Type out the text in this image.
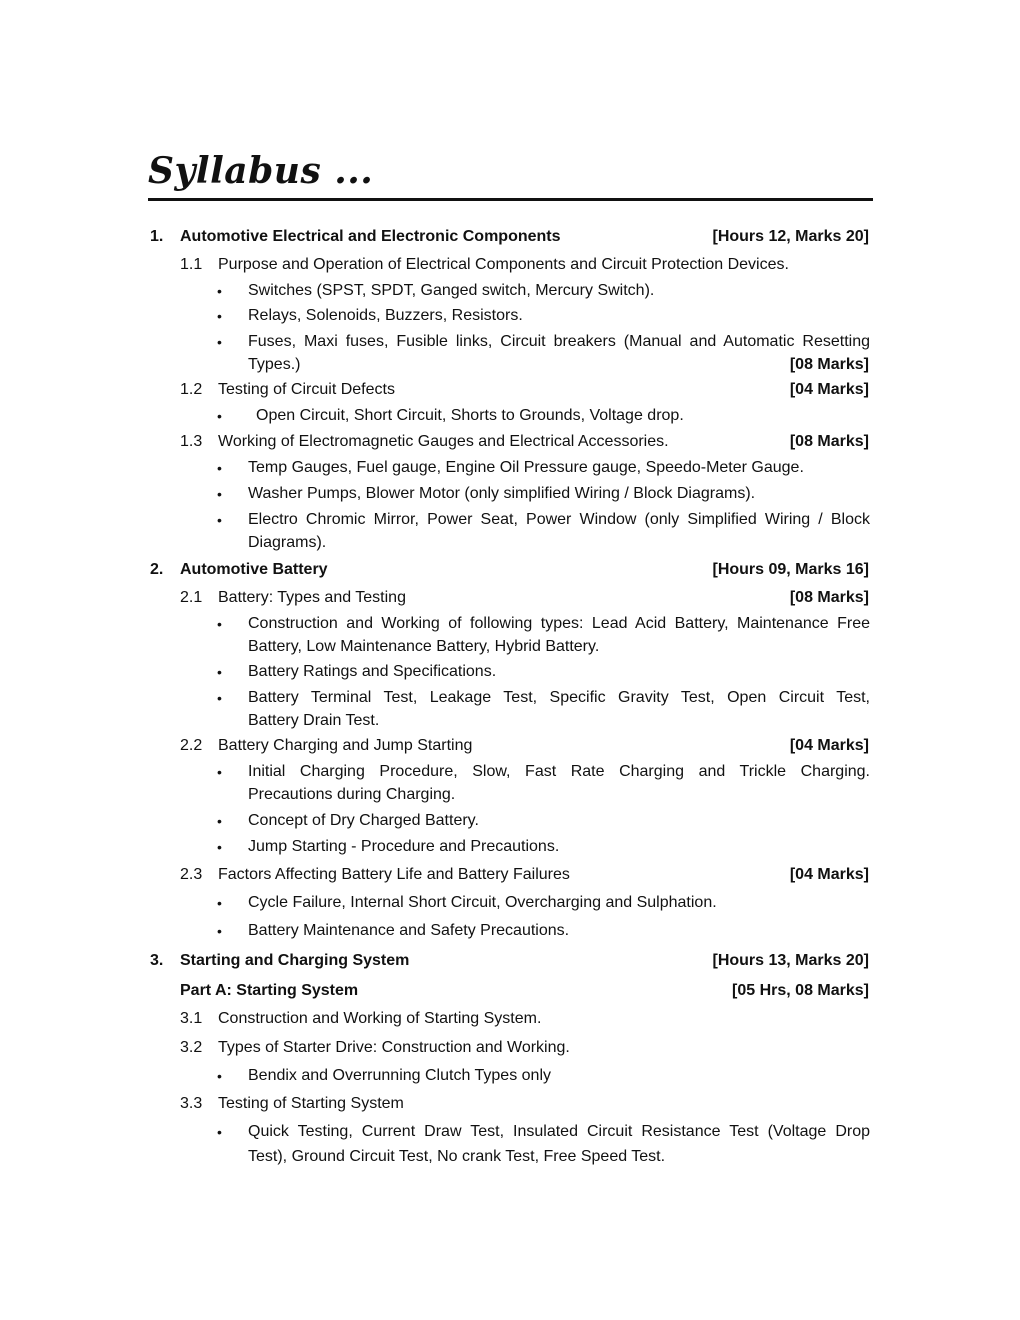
Syllabus ...
1. Automotive Electrical and Electronic Components	[Hours 12, Marks 20]
1.1 Purpose and Operation of Electrical Components and Circuit Protection Devices.
• Switches (SPST, SPDT, Ganged switch, Mercury Switch).
• Relays, Solenoids, Buzzers, Resistors.
• Fuses, Maxi fuses, Fusible links, Circuit breakers (Manual and Automatic Resetting
Types.)	[08 Marks]
1.2 Testing of Circuit Defects	[04 Marks]
• Open Circuit, Short Circuit, Shorts to Grounds, Voltage drop.
1.3 Working of Electromagnetic Gauges and Electrical Accessories.	[08 Marks]
• Temp Gauges, Fuel gauge, Engine Oil Pressure gauge, Speedo-Meter Gauge.
• Washer Pumps, Blower Motor (only simplified Wiring / Block Diagrams).
• Electro Chromic Mirror, Power Seat, Power Window (only Simplified Wiring / Block
Diagrams).
2. Automotive Battery	[Hours 09, Marks 16]
2.1 Battery: Types and Testing	[08 Marks]
• Construction and Working of following types: Lead Acid Battery, Maintenance Free
Battery, Low Maintenance Battery, Hybrid Battery.
• Battery Ratings and Specifications.
• Battery Terminal Test, Leakage Test, Specific Gravity Test, Open Circuit Test,
Battery Drain Test.
2.2 Battery Charging and Jump Starting	[04 Marks]
• Initial Charging Procedure, Slow, Fast Rate Charging and Trickle Charging.
Precautions during Charging.
• Concept of Dry Charged Battery.
• Jump Starting - Procedure and Precautions.
2.3 Factors Affecting Battery Life and Battery Failures	[04 Marks]
• Cycle Failure, Internal Short Circuit, Overcharging and Sulphation.
• Battery Maintenance and Safety Precautions.
3. Starting and Charging System	[Hours 13, Marks 20]
Part A: Starting System	[05 Hrs, 08 Marks]
3.1 Construction and Working of Starting System.
3.2 Types of Starter Drive: Construction and Working.
• Bendix and Overrunning Clutch Types only
3.3 Testing of Starting System
• Quick Testing, Current Draw Test, Insulated Circuit Resistance Test (Voltage Drop
Test), Ground Circuit Test, No crank Test, Free Speed Test.
